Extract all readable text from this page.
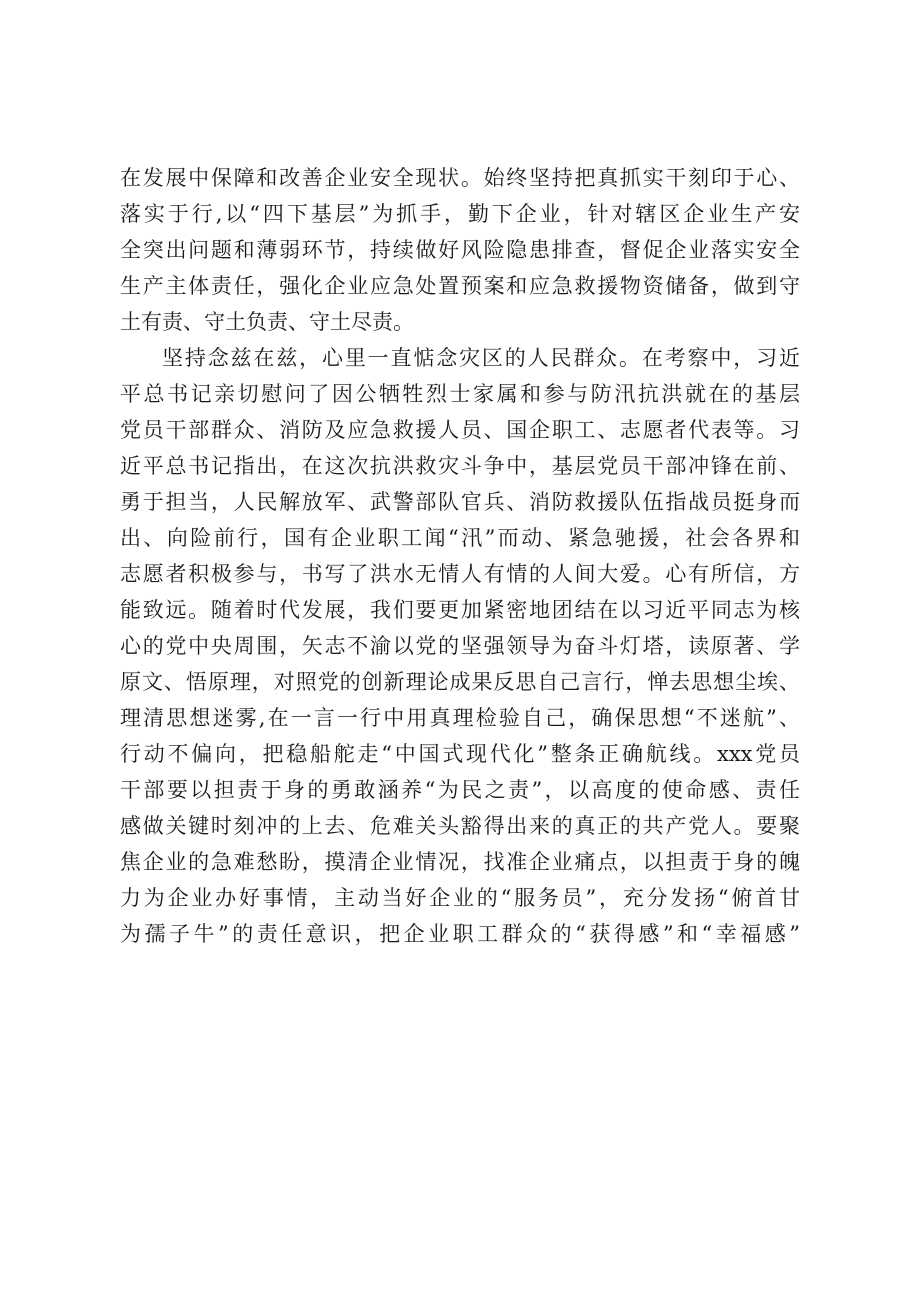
在发展中保障和改善企业安全现状。始终坚持把真抓实干刻印于心、
落实于行,以“四下基层”为抓手，勤下企业，针对辖区企业生产安
全突出问题和薄弱环节，持续做好风险隐患排查，督促企业落实安全
生产主体责任，强化企业应急处置预案和应急救援物资储备，做到守
土有责、守土负责、守土尽责。
坚持念兹在兹，心里一直惦念灾区的人民群众。在考察中，习近
平总书记亲切慰问了因公牺牲烈士家属和参与防汛抗洪就在的基层
党员干部群众、消防及应急救援人员、国企职工、志愿者代表等。习
近平总书记指出，在这次抗洪救灾斗争中，基层党员干部冲锋在前、
勇于担当，人民解放军、武警部队官兵、消防救援队伍指战员挺身而
出、向险前行，国有企业职工闻“汛”而动、紧急驰援，社会各界和
志愿者积极参与，书写了洪水无情人有情的人间大爱。心有所信，方
能致远。随着时代发展，我们要更加紧密地团结在以习近平同志为核
心的党中央周围，矢志不渝以党的坚强领导为奋斗灯塔，读原著、学
原文、悟原理，对照党的创新理论成果反思自己言行，惮去思想尘埃、
理清思想迷雾,在一言一行中用真理检验自己，确保思想“不迷航”、
行动不偏向，把稳船舵走“中国式现代化”整条正确航线。xxx党员
干部要以担责于身的勇敢涵养“为民之责”，以高度的使命感、责任
感做关键时刻冲的上去、危难关头豁得出来的真正的共产党人。要聚
焦企业的急难愁盼，摸清企业情况，找准企业痛点，以担责于身的魄
力为企业办好事情，主动当好企业的“服务员”，充分发扬“俯首甘
为孺子牛”的责任意识，把企业职工群众的“获得感”和“幸福感”
